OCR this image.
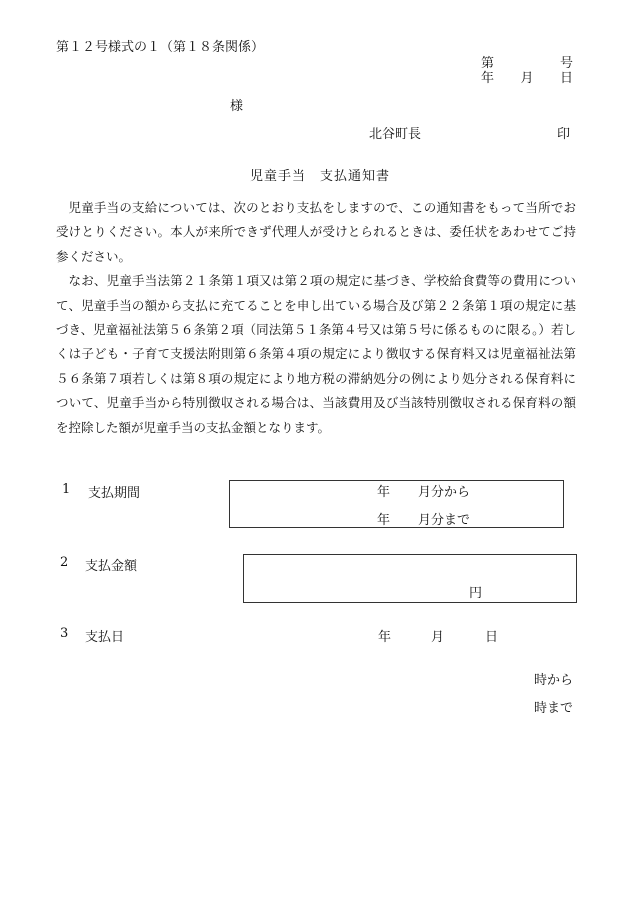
第１２号様式の１（第１８条関係）
第	号
年 月 日
様
北谷町長	印
児童手当　支払通知書

児童手当の支給については、次のとおり支払をしますので、この通知書をもって当所でお受けとりください。本人が来所できず代理人が受けとられるときは、委任状をあわせてご持参ください。

なお、児童手当法第２１条第１項又は第２項の規定に基づき、学校給食費等の費用について、児童手当の額から支払に充てることを申し出ている場合及び第２２条第１項の規定に基づき、児童福祉法第５６条第２項（同法第５１条第４号又は第５号に係るものに限る。）若しくは子ども・子育て支援法附則第６条第４項の規定により徴収する保育料又は児童福祉法第５６条第７項若しくは第８項の規定により地方税の滞納処分の例により処分される保育料について、児童手当から特別徴収される場合は、当該費用及び当該特別徴収される保育料の額を控除した額が児童手当の支払金額となります。

1 支払期間	年 月分から
年 月分まで
2 支払金額
円
3 支払日	年	月	日
時から
時まで
